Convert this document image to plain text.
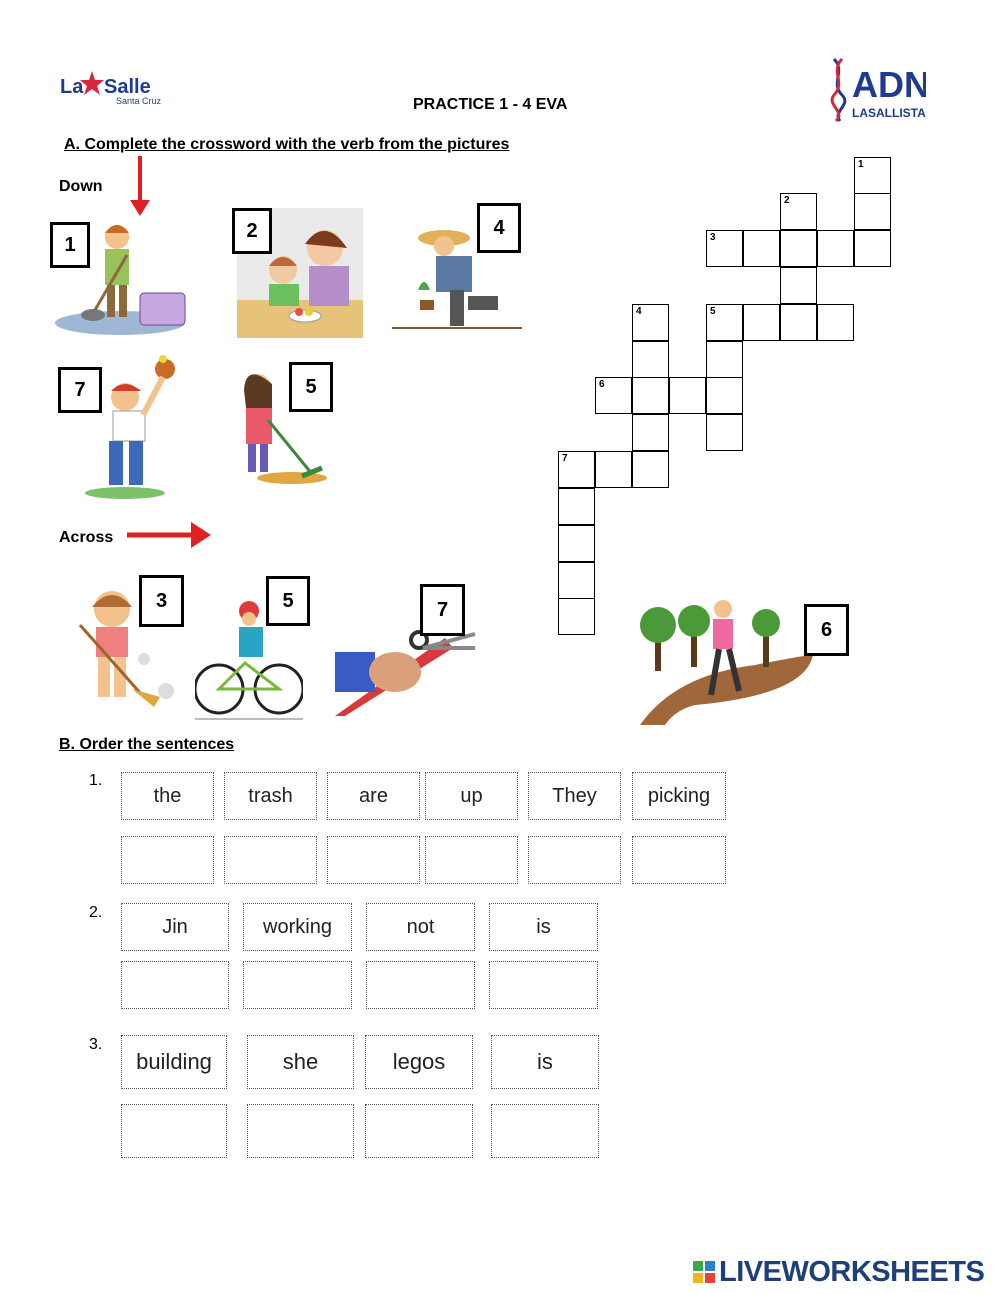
La Salle
Santa Cruz	ADN
LASALLISTA
PRACTICE 1 - 4 EVA
A. Complete the crossword with the verb from the pictures
Down
1
2	4
7	5
Across
3	5	7
6
1
2
3
4	5
6
7
B. Order the sentences
1.
the	trash	are	up	They	picking
2.
Jin	working	not	is
3.
building	she	legos	is
LIVEWORKSHEETS
